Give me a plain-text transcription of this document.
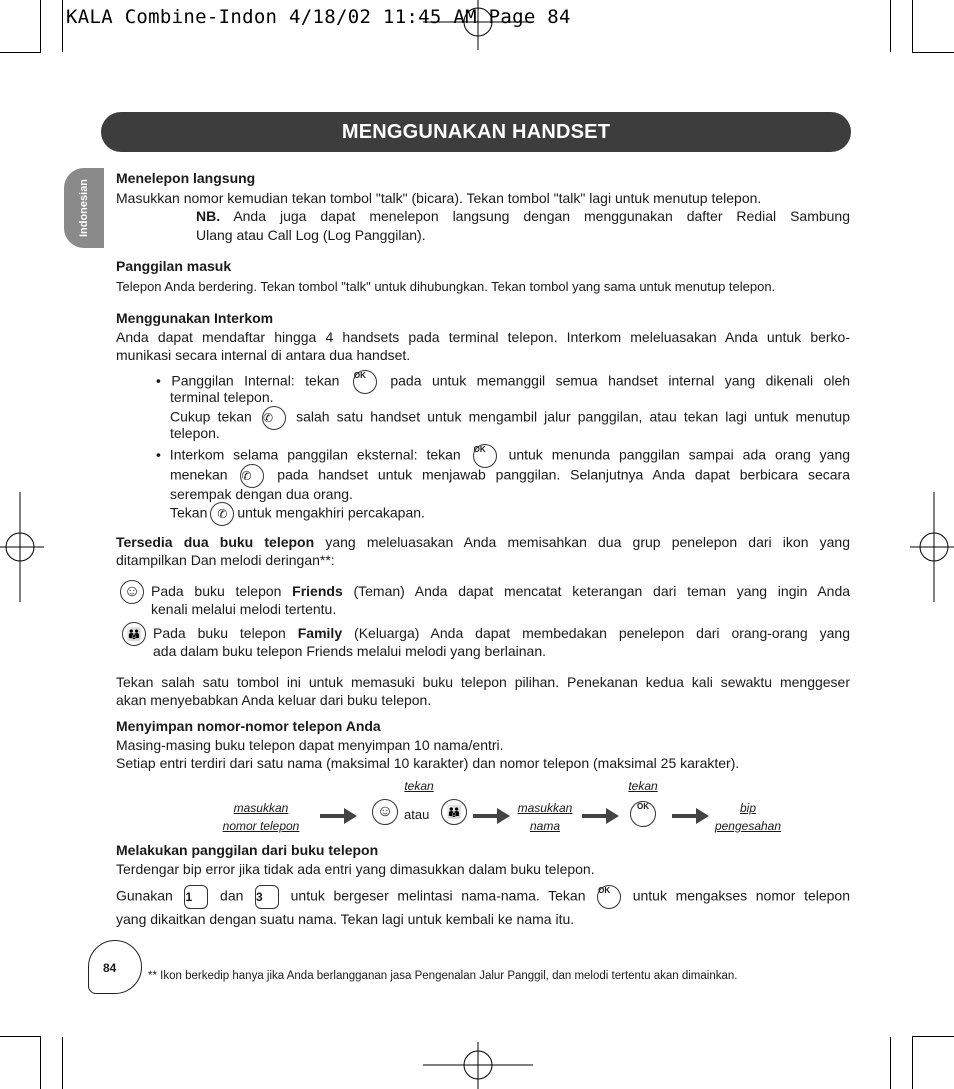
KALA Combine-Indon 4/18/02 11:45 AM Page 84
MENGGUNAKAN HANDSET
Indonesian
Menelepon langsung
Masukkan nomor kemudian tekan tombol "talk" (bicara). Tekan tombol "talk" lagi untuk menutup telepon.
NB. Anda juga dapat menelepon langsung dengan menggunakan dafter Redial Sambung
Ulang atau Call Log (Log Panggilan).
Panggilan masuk
Telepon Anda berdering. Tekan tombol "talk" untuk dihubungkan. Tekan tombol yang sama untuk menutup telepon.
Menggunakan Interkom
Anda dapat mendaftar hingga 4 handsets pada terminal telepon. Interkom meleluasakan Anda untuk berko-
munikasi secara internal di antara dua handset.
• Panggilan Internal: tekan OK pada untuk memanggil semua handset internal yang dikenali oleh
terminal telepon.
Cukup tekan ✆ salah satu handset untuk mengambil jalur panggilan, atau tekan lagi untuk menutup
telepon.
• Interkom selama panggilan eksternal: tekan OK untuk menunda panggilan sampai ada orang yang
menekan ✆ pada handset untuk menjawab panggilan. Selanjutnya Anda dapat berbicara secara
serempak dengan dua orang.
Tekan ✆ untuk mengakhiri percakapan.
Tersedia dua buku telepon yang meleluasakan Anda memisahkan dua grup penelepon dari ikon yang
ditampilkan Dan melodi deringan**:
☺ Pada buku telepon Friends (Teman) Anda dapat mencatat keterangan dari teman yang ingin Anda
kenali melalui melodi tertentu.
👪 Pada buku telepon Family (Keluarga) Anda dapat membedakan penelepon dari orang-orang yang
ada dalam buku telepon Friends melalui melodi yang berlainan.
Tekan salah satu tombol ini untuk memasuki buku telepon pilihan. Penekanan kedua kali sewaktu menggeser
akan menyebabkan Anda keluar dari buku telepon.
Menyimpan nomor-nomor telepon Anda
Masing-masing buku telepon dapat menyimpan 10 nama/entri.
Setiap entri terdiri dari satu nama (maksimal 10 karakter) dan nomor telepon (maksimal 25 karakter).
masukkan
nomor telepon
tekan
☺ atau	👪	masukkan
nama
tekan
OK	bip
pengesahan
Melakukan panggilan dari buku telepon
Terdengar bip error jika tidak ada entri yang dimasukkan dalam buku telepon.
Gunakan 1 dan 3 untuk bergeser melintasi nama-nama. Tekan OK untuk mengakses nomor telepon
yang dikaitkan dengan suatu nama. Tekan lagi untuk kembali ke nama itu.
84
** Ikon berkedip hanya jika Anda berlangganan jasa Pengenalan Jalur Panggil, dan melodi tertentu akan dimainkan.
